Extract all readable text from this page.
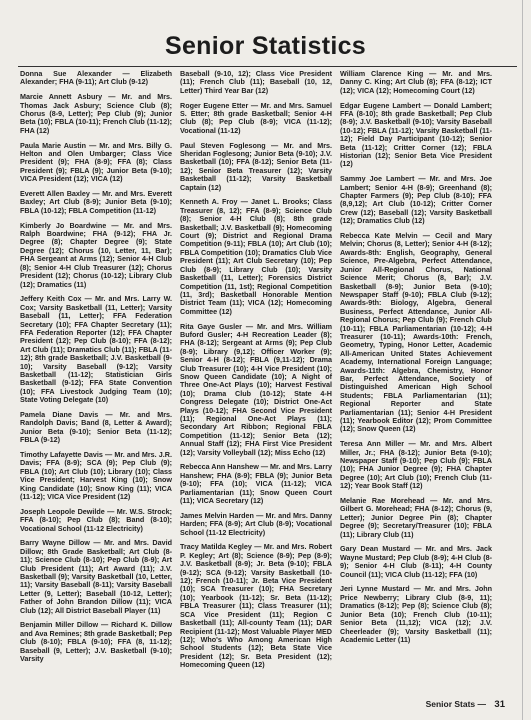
Senior Statistics

Donna Sue Alexander — Elizabeth Alexander; FHA (9-11); Art Club (9-12)

Marcie Annett Asbury — Mr. and Mrs. Thomas Jack Asbury; Science Club (8); Chorus (8-9, Letter); Pep Club (9); Junior Beta (10); FBLA (10-11); French Club (11-12); FHA (12)

Paula Marie Austin — Mr. and Mrs. Billy G. Helton and Olen Umbarger; Class Vice President (9); FHA (8-9); FFA (8); Class President (9); FBLA (9); Junior Beta (9-10); VICA President (12); VICA (12)

Everett Allen Baxley — Mr. and Mrs. Everett Baxley; Art Club (8-9); Junior Beta (9-10); FBLA (10-12); FBLA Competition (11-12)

Kimberly Jo Boardwine — Mr. and Mrs. Ralph Boardwine; FHA (9-12); FHA Jr. Degree (8); Chapter Degree (9); State Degree (12); Chorus (10, Letter, 11, Bar); FHA Sergeant at Arms (12); Senior 4-H Club (8); Senior 4-H Club Treasurer (12); Chorus President (12); Chorus (10-12); Library Club (12); Dramatics (11)

Jeffery Keith Cox — Mr. and Mrs. Larry W. Cox; Varsity Basketball (11, Letter); Varsity Baseball (11, Letter); FFA Federation Secretary (10); FFA Chapter Secretary (11); FFA Federation Reporter (12); FFA Chapter President (12); Pep Club (8-10); FFA (8-12); Art Club (11); Dramatics Club (11); FBLA (11-12); 8th grade Basketball; J.V. Basketball (9-10); Varsity Baseball (9-12); Varsity Basketball (11-12); Statistician Girls Basketball (9-12); FFA State Convention (10); FFA Livestock Judging Team (10); State Voting Delegate (10)

Pamela Diane Davis — Mr. and Mrs. Randolph Davis; Band (8, Letter & Award); Junior Beta (9-10); Senior Beta (11-12); FBLA (9-12)

Timothy Lafayette Davis — Mr. and Mrs. J.R. Davis; FFA (8-9); SCA (9); Pep Club (9); FBLA (10); Art Club (10); Library (10); Class Vice President; Harvest King (10); Snow King Candidate (10); Snow King (11); VICA (11-12); VICA Vice President (12)

Joseph Leopole Dewilde — Mr. W.S. Strock; FFA (8-10); Pep Club (8); Band (8-10); Vocational School (11-12 Electricity)

Barry Wayne Dillow — Mr. and Mrs. David Dillow; 8th Grade Basketball; Art Club (8-11); Science Club (8-10); Pep Club (8-9); Art Club President (11); Art Award (11); J.V. Basketball (9); Varsity Basketball (10, Letter, 11); Varsity Baseball (8-11); Varsity Baseball Letter (9, Letter); Baseball (10-12, Letter); Father of John Brandon Dillow (11); VICA Club (12); All District Baseball Player (11)

Benjamin Miller Dillow — Richard K. Dillow and Ava Remines; 8th grade Basketball; Pep Club (8-10); FBLA (9-10); FFA (8, 11-12); Baseball (9, Letter); J.V. Basketball (9-10); Varsity

Baseball (9-10, 12); Class Vice President (11); French Club (11); Baseball (10, 12, Letter) Third Year Bar (12)

Roger Eugene Etter — Mr. and Mrs. Samuel S. Etter; 8th grade Basketball; Senior 4-H Club (8); Pep Club (8-9); VICA (11-12); Vocational (11-12)

Paul Steven Foglesong — Mr. and Mrs. Sheridan Foglesong; Junior Beta (9-10); J.V. Basketball (10); FFA (8-12); Senior Beta (11-12); Senior Beta Treasurer (12); Varsity Basketball (11-12); Varsity Basketball Captain (12)

Kenneth A. Froy — Janet L. Brooks; Class Treasurer (8, 12); FFA (8-9); Science Club (8); Senior 4-H Club (8); 8th grade Basketball; J.V. Basketball (9); Homecoming Court (9); District and Regional Drama Competition (9-11); FBLA (10); Art Club (10); FBLA Competition (10); Dramatics Club Vice President (11); Art Club Secretary (10); Pep Club (8-9); Library Club (10); Varsity Basketball (11, Letter); Forensics District Competition (11, 1st); Regional Competition (11, 3rd); Basketball Honorable Mention District Team (11); VICA (12); Homecoming Committee (12)

Rita Gaye Gusler — Mr. and Mrs. William Buford Gusler; 4-H Recreation Leader (8); FHA (8-12); Sergeant at Arms (9); Pep Club (8-9); Library (9,12); Officer Worker (9); Senior 4-H (8-12); FBLA (9,11-12); Drama Club Treasurer (10); 4-H Vice President (10); Snow Queen Candidate (10); A Night of Three One-Act Plays (10); Harvest Festival (10); Drama Club (10-12); State 4-H Congress Delegate (10); District One-Act Plays (10-12); FHA Second Vice President (11); Regional One-Act Plays (11); Secondary Art Ribbon; Regional FBLA Competition (11-12); Senior Beta (12); Annual Staff (12); FHA First Vice President (12); Varsity Volleyball (12); Miss Echo (12)

Rebecca Ann Hanshew — Mr. and Mrs. Larry Hanshew; FHA (8-9); FBLA (9); Junior Beta (9-10); FFA (10); VICA (11-12); VICA Parliamentarian (11); Snow Queen Court (11); VICA Secretary (12)

James Melvin Harden — Mr. and Mrs. Danny Harden; FFA (8-9); Art Club (8-9); Vocational School (11-12 Electricity)

Tracy Matilda Kegley — Mr. and Mrs. Robert P. Kegley; Art (8); Science (8-9); Pep (8-9); J.V. Basketball (8-9); Jr. Beta (9-10); FBLA (9-12); SCA (9-12); Varsity Basketball (10-12); French (10-11); Jr. Beta Vice President (10); SCA Treasurer (10); FHA Secretary (10); Yearbook (11-12); Sr. Beta (11-12); FBLA Treasurer (11); Class Treasurer (11); SCA Vice President (11); Region C Basketball (11); All-county Team (11); DAR Recipient (11-12); Most Valuable Player MED (12); Who's Who Among American High School Students (12); Beta State Vice President (12); Sr. Beta President (12); Homecoming Queen (12)

William Clarence King — Mr. and Mrs. Danny C. King; Art Club (8); FFA (8-12); ICT (12); VICA (12); Homecoming Court (12)

Edgar Eugene Lambert — Donald Lambert; FFA (8-10); 8th grade Basketball; Pep Club (8-9); J.V. Basketball (9-10); Varsity Baseball (10-12); FBLA (11-12); Varsity Basketball (11-12); Field Day Participant (10-12); Senior Beta (11-12); Critter Corner (12); FBLA Historian (12); Senior Beta Vice President (12)

Sammy Joe Lambert — Mr. and Mrs. Joe Lambert; Senior 4-H (8-9); Greenhand (8); Chapter Farmers (9); Pep Club (8-10); FFA (8,9,12); Art Club (10-12); Critter Corner Crew (12); Baseball (12); Varsity Basketball (12); Dramatics Club (12)

Rebecca Kate Melvin — Cecil and Mary Melvin; Chorus (8, Letter); Senior 4-H (8-12); Awards-8th: English, Geography, General Science, Pre-Algebra, Perfect Attendance, Junior All-Regional Chorus, National Science Merit; Chorus (8, Bar); J.V. Basketball (8-9); Junior Beta (9-10); Newspaper Staff (9-10); FBLA Club (9-12); Awards-9th: Biology, Algebra, General Business, Perfect Attendance, Junior All-Regional Chorus; Pep Club (9); French Club (10-11); FBLA Parliamentarian (10-12); 4-H Treasurer (10-11); Awards-10th: French, Geometry, Typing, Honor Letter, Academic All-American United States Achievement Academy, International Foreign Language; Awards-11th: Algebra, Chemistry, Honor Bar, Perfect Attendance, Society of Distinguished American High School Students; FBLA Parliamentarian (11); Regional Reporter and State Parliamentarian (11); Senior 4-H President (11); Yearbook Editor (12); Prom Committee (12); Snow Queen (12)

Teresa Ann Miller — Mr. and Mrs. Albert Miller, Jr.; FHA (8-12); Junior Beta (9-10); Newspaper Staff (9-10); Pep Club (9); FBLA (10); FHA Junior Degree (9); FHA Chapter Degree (10); Art Club (10); French Club (11-12); Year Book Staff (12)

Melanie Rae Morehead — Mr. and Mrs. Gilbert G. Morehead; FHA (8-12); Chorus (9, Letter); Junior Degree Pin (8); Chapter Degree (9); Secretary/Treasurer (10); FBLA (11); Library Club (11)

Gary Dean Mustard — Mr. and Mrs. Jack Wayne Mustard; Pep Club (8-9); 4-H Club (8-9); Senior 4-H Club (8-11); 4-H County Council (11); VICA Club (11-12); FFA (10)

Jeri Lynne Mustard — Mr. and Mrs. John Price Newberry; Library Club (8-9, 11); Dramatics (8-12); Pep (8); Science Club (8); Junior Beta (10); French Club (10-11); Senior Beta (11,12); VICA (12); J.V. Cheerleader (9); Varsity Basketball (11); Academic Letter (11)

Senior Stats — 31
